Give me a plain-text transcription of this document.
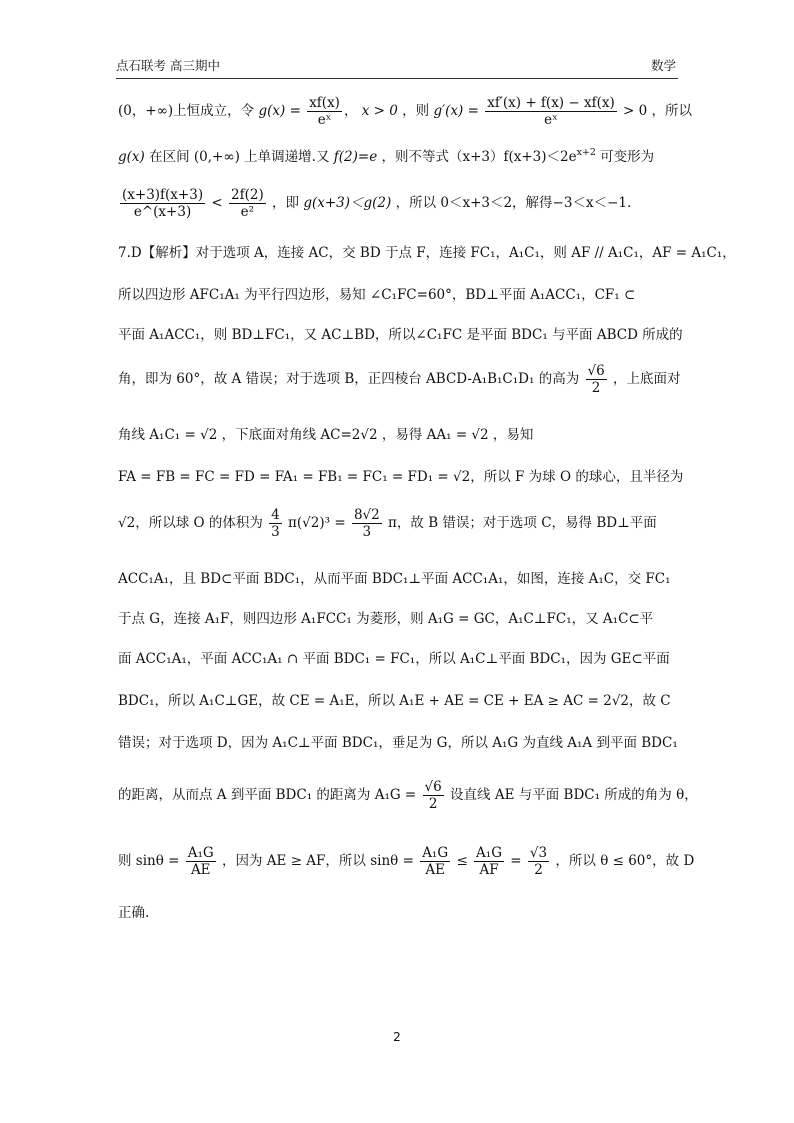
点石联考 高三期中	数学
(0，+∞)上恒成立，令 $g(x) = \frac{xf(x)}{\text{eˣ}}$ ， x > 0 ，则 $g'(x) = \frac{xf'(x) + f(x) - xf(x)}{\text{eˣ}} > 0$ ，所以
g(x) 在区间 (0,+∞) 上单调递增.又 f(2)=e ，则不等式$(x+3)f(x+3)<2e^{x+2}$ 可变形为
$\frac{(x+3)f(x+3)}{e\^{}(x+3)} < \frac{2f(2)}{\text{e²}}$ ，即 g(x+3)＜g(2) ，所以 0＜x+3＜2，解得−3＜x＜−1.
7.D【解析】对于选项 A，连接 AC，交 BD 于点 F，连接 FC₁，A₁C₁，则 AF // A₁C₁，AF = A₁C₁，
所以四边形 AFC₁A₁ 为平行四边形，易知 ∠C₁FC=60°，BD⊥平面 A₁ACC₁，CF₁ ⊂
平面 A₁ACC₁，则 BD⊥FC₁，又 AC⊥BD，所以∠C₁FC 是平面 BDC₁ 与平面 ABCD 所成的
角，即为 60°，故 A 错误；对于选项 B，正四棱台 ABCD-A₁B₁C₁D₁ 的高为 $\frac{√6}{2}$ ，上底面对
角线 A₁C₁ = √2 ，下底面对角线 AC=2√2 ，易得 AA₁ = √2 ，易知
FA = FB = FC = FD = FA₁ = FB₁ = FC₁ = FD₁ = √2，所以 F 为球 O 的球心，且半径为
√2，所以球 O 的体积为 $\frac{4}{3} \pi(√2)^3 = \frac{8√2}{3}$ π，故 B 错误；对于选项 C，易得 BD⊥平面
ACC₁A₁，且 BD⊂平面 BDC₁，从而平面 BDC₁⊥平面 ACC₁A₁，如图，连接 A₁C，交 FC₁
于点 G，连接 A₁F，则四边形 A₁FCC₁ 为菱形，则 A₁G = GC，A₁C⊥FC₁，又 A₁C⊂平
面 ACC₁A₁，平面 ACC₁A₁ ∩ 平面 BDC₁ = FC₁，所以 A₁C⊥平面 BDC₁，因为 GE⊂平面
BDC₁，所以 A₁C⊥GE，故 CE = A₁E，所以 A₁E + AE = CE + EA ≥ AC = 2√2，故 C
错误；对于选项 D，因为 A₁C⊥平面 BDC₁，垂足为 G，所以 A₁G 为直线 A₁A 到平面 BDC₁
的距离，从而点 A 到平面 BDC₁ 的距离为 $A_1G = \frac{√6}{2}$ 设直线 AE 与平面 BDC₁ 所成的角为 θ，
则 $\sin\theta = \frac{\text{A₁G}}{AE}$ ，因为 AE ≥ AF，所以 $\sin\theta = \frac{\text{A₁G}}{AE} \le \frac{\text{A₁G}}{AF} = \frac{√3}{2}$ ，所以 θ ≤ 60°，故 D
正确.
2
